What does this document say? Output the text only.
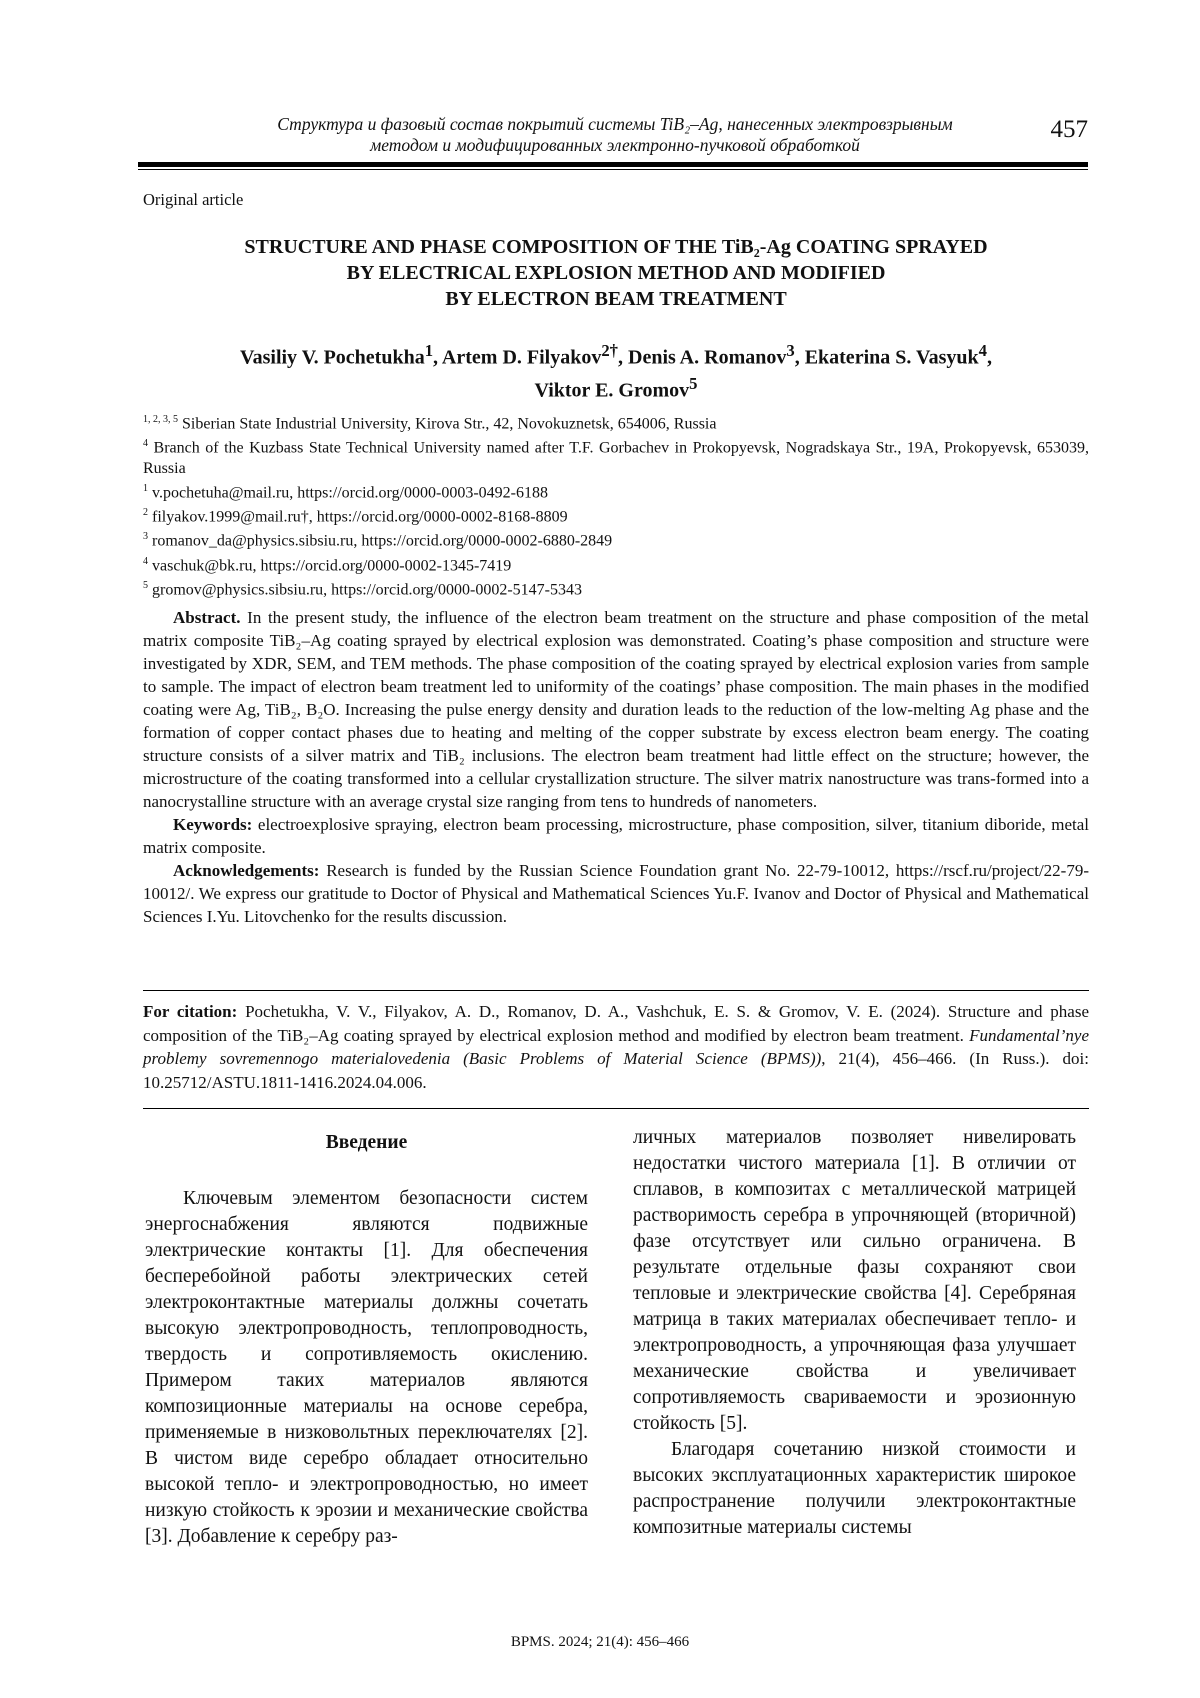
Структура и фазовый состав покрытий системы TiB₂–Ag, нанесенных электровзрывным
методом и модифицированных электронно-пучковой обработкой
457
Original article
STRUCTURE AND PHASE COMPOSITION OF THE TiB₂-Ag COATING SPRAYED
BY ELECTRICAL EXPLOSION METHOD AND MODIFIED
BY ELECTRON BEAM TREATMENT
Vasiliy V. Pochetukha$^1$, Artem D. Filyakov$^{2\dagger}$, Denis A. Romanov$^3$, Ekaterina S. Vasyuk$^4$,
Viktor E. Gromov$^5$
$^{1, 2, 3, 5}$ Siberian State Industrial University, Kirova Str., 42, Novokuznetsk, 654006, Russia
$^4$ Branch of the Kuzbass State Technical University named after T.F. Gorbachev in Prokopyevsk, Nogradskaya Str., 19A, Prokopyevsk, 653039, Russia
$^1$ v.pochetuha@mail.ru, https://orcid.org/0000-0003-0492-6188
$^2$ filyakov.1999@mail.ru†, https://orcid.org/0000-0002-8168-8809
$^3$ romanov_da@physics.sibsiu.ru, https://orcid.org/0000-0002-6880-2849
$^4$ vaschuk@bk.ru, https://orcid.org/0000-0002-1345-7419
$^5$ gromov@physics.sibsiu.ru, https://orcid.org/0000-0002-5147-5343

Abstract. In the present study, the influence of the electron beam treatment on the structure and phase composition of the metal matrix composite TiB₂–Ag coating sprayed by electrical explosion was demonstrated. Coating’s phase composition and structure were investigated by XDR, SEM, and TEM methods. The phase composition of the coating sprayed by electrical explosion varies from sample to sample. The impact of electron beam treatment led to uniformity of the coatings’ phase composition. The main phases in the modified coating were Ag, TiB₂, B₂O. Increasing the pulse energy density and duration leads to the reduction of the low-melting Ag phase and the formation of copper contact phases due to heating and melting of the copper substrate by excess electron beam energy. The coating structure consists of a silver matrix and TiB₂ inclusions. The electron beam treatment had little effect on the structure; however, the microstructure of the coating transformed into a cellular crystallization structure. The silver matrix nanostructure was trans-formed into a nanocrystalline structure with an average crystal size ranging from tens to hundreds of nanometers.

Keywords: electroexplosive spraying, electron beam processing, microstructure, phase composition, silver, titanium diboride, metal matrix composite.

Acknowledgements: Research is funded by the Russian Science Foundation grant No. 22-79-10012, https://rscf.ru/project/22-79-10012/. We express our gratitude to Doctor of Physical and Mathematical Sciences Yu.F. Ivanov and Doctor of Physical and Mathematical Sciences I.Yu. Litovchenko for the results discussion.

For citation: Pochetukha, V. V., Filyakov, A. D., Romanov, D. A., Vashchuk, E. S. & Gromov, V. E. (2024). Structure and phase composition of the TiB₂–Ag coating sprayed by electrical explosion method and modified by electron beam treatment. Fundamental’nye problemy sovremennogo materialovedenia (Basic Problems of Material Science (BPMS)), 21(4), 456–466. (In Russ.). doi: 10.25712/ASTU.1811-1416.2024.04.006.
Введение

Ключевым элементом безопасности систем энергоснабжения являются подвижные электрические контакты [1]. Для обеспечения бесперебойной работы электрических сетей электроконтактные материалы должны сочетать высокую электропроводность, теплопроводность, твердость и сопротивляемость окислению. Примером таких материалов являются композиционные материалы на основе серебра, применяемые в низковольтных переключателях [2]. В чистом виде серебро обладает относительно высокой тепло- и электропроводностью, но имеет низкую стойкость к эрозии и механические свойства [3]. Добавление к серебру раз-

личных материалов позволяет нивелировать недостатки чистого материала [1]. В отличии от сплавов, в композитах с металлической матрицей растворимость серебра в упрочняющей (вторичной) фазе отсутствует или сильно ограничена. В результате отдельные фазы сохраняют свои тепловые и электрические свойства [4]. Серебряная матрица в таких материалах обеспечивает тепло- и электропроводность, а упрочняющая фаза улучшает механические свойства и увеличивает сопротивляемость свариваемости и эрозионную стойкость [5].

Благодаря сочетанию низкой стоимости и высоких эксплуатационных характеристик широкое распространение получили электроконтактные композитные материалы системы

BPMS. 2024; 21(4): 456–466
